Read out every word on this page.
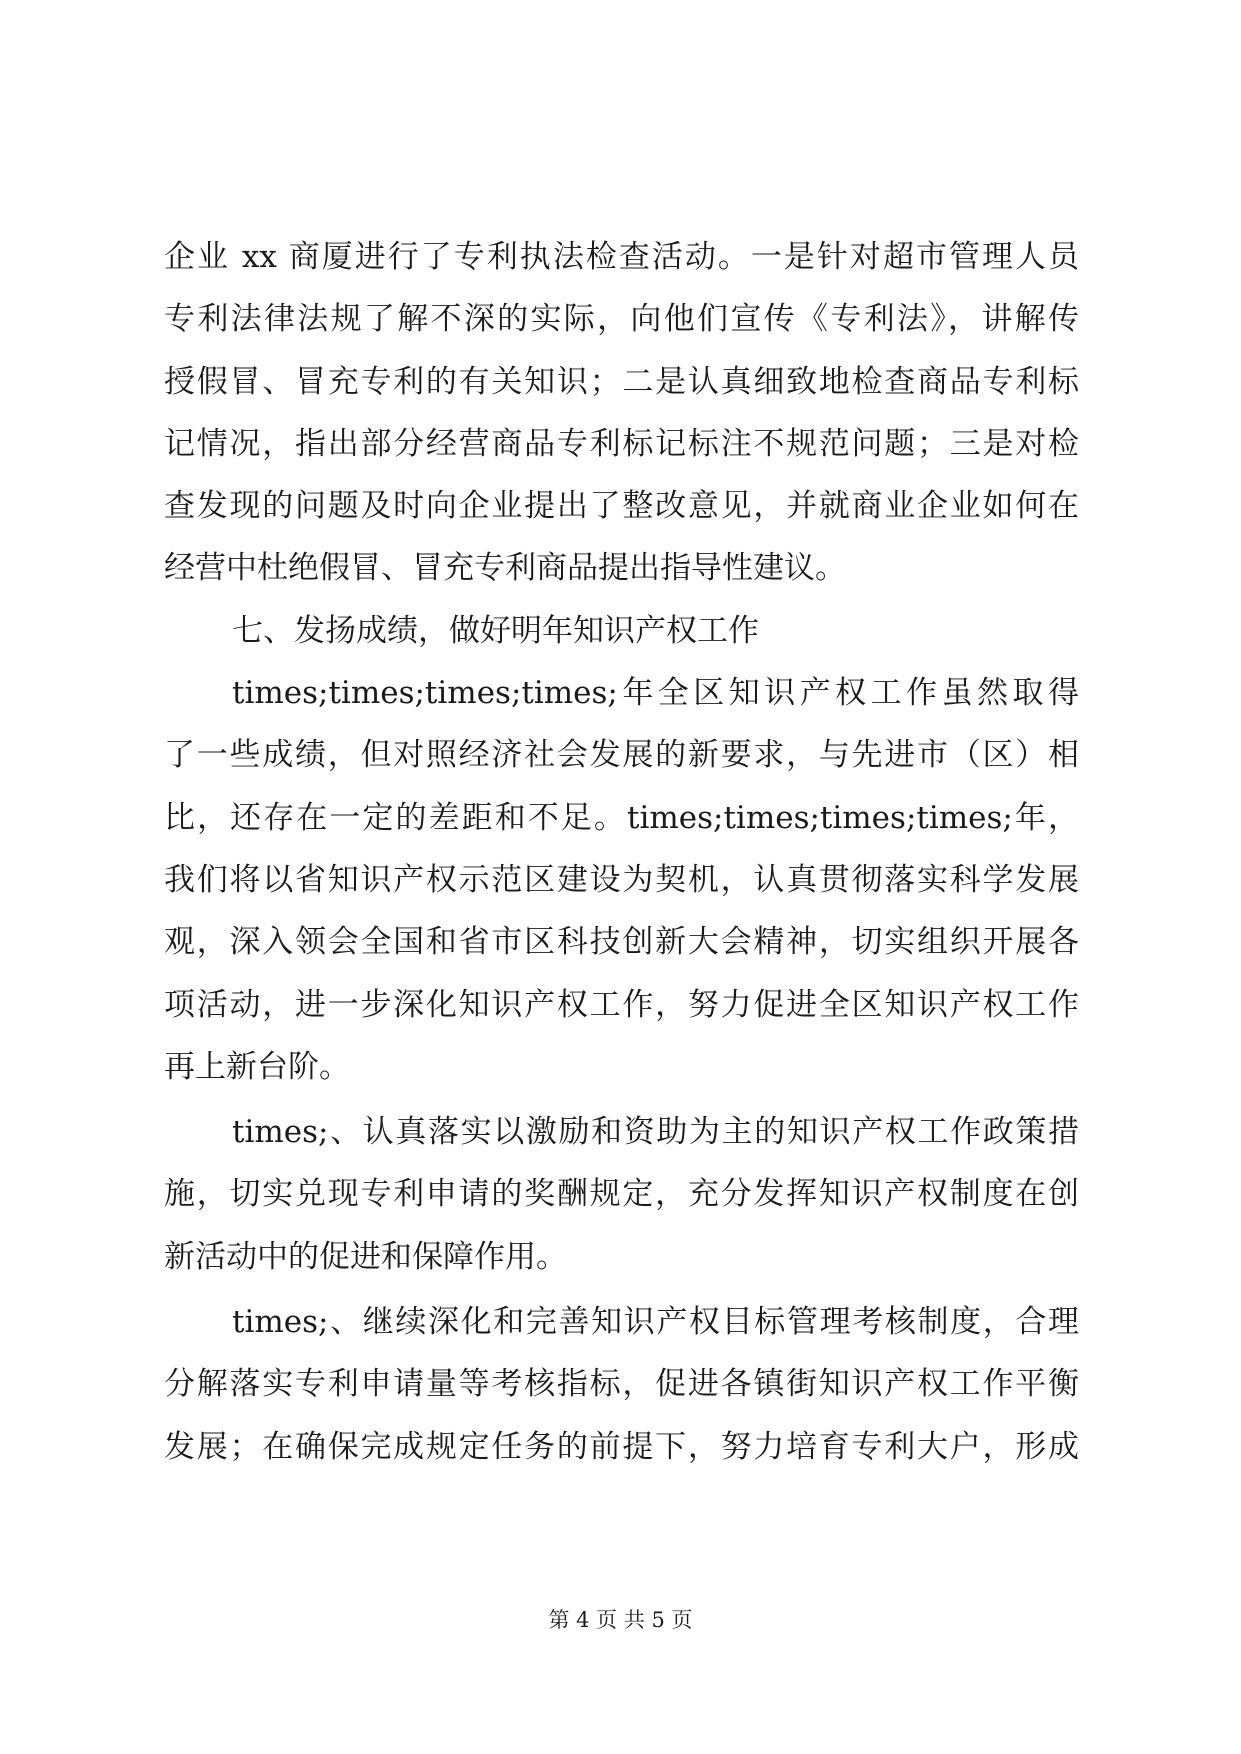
企业 xx 商厦进行了专利执法检查活动。一是针对超市管理人员
专利法律法规了解不深的实际，向他们宣传《专利法》，讲解传
授假冒、冒充专利的有关知识；二是认真细致地检查商品专利标
记情况，指出部分经营商品专利标记标注不规范问题；三是对检
查发现的问题及时向企业提出了整改意见，并就商业企业如何在
经营中杜绝假冒、冒充专利商品提出指导性建议。
七、发扬成绩，做好明年知识产权工作
times;times;times;times;年全区知识产权工作虽然取得
了一些成绩，但对照经济社会发展的新要求，与先进市（区）相
比，还存在一定的差距和不足。times;times;times;times;年，
我们将以省知识产权示范区建设为契机，认真贯彻落实科学发展
观，深入领会全国和省市区科技创新大会精神，切实组织开展各
项活动，进一步深化知识产权工作，努力促进全区知识产权工作
再上新台阶。
times;、认真落实以激励和资助为主的知识产权工作政策措
施，切实兑现专利申请的奖酬规定，充分发挥知识产权制度在创
新活动中的促进和保障作用。
times;、继续深化和完善知识产权目标管理考核制度，合理
分解落实专利申请量等考核指标，促进各镇街知识产权工作平衡
发展；在确保完成规定任务的前提下，努力培育专利大户，形成
第 4 页 共 5 页
